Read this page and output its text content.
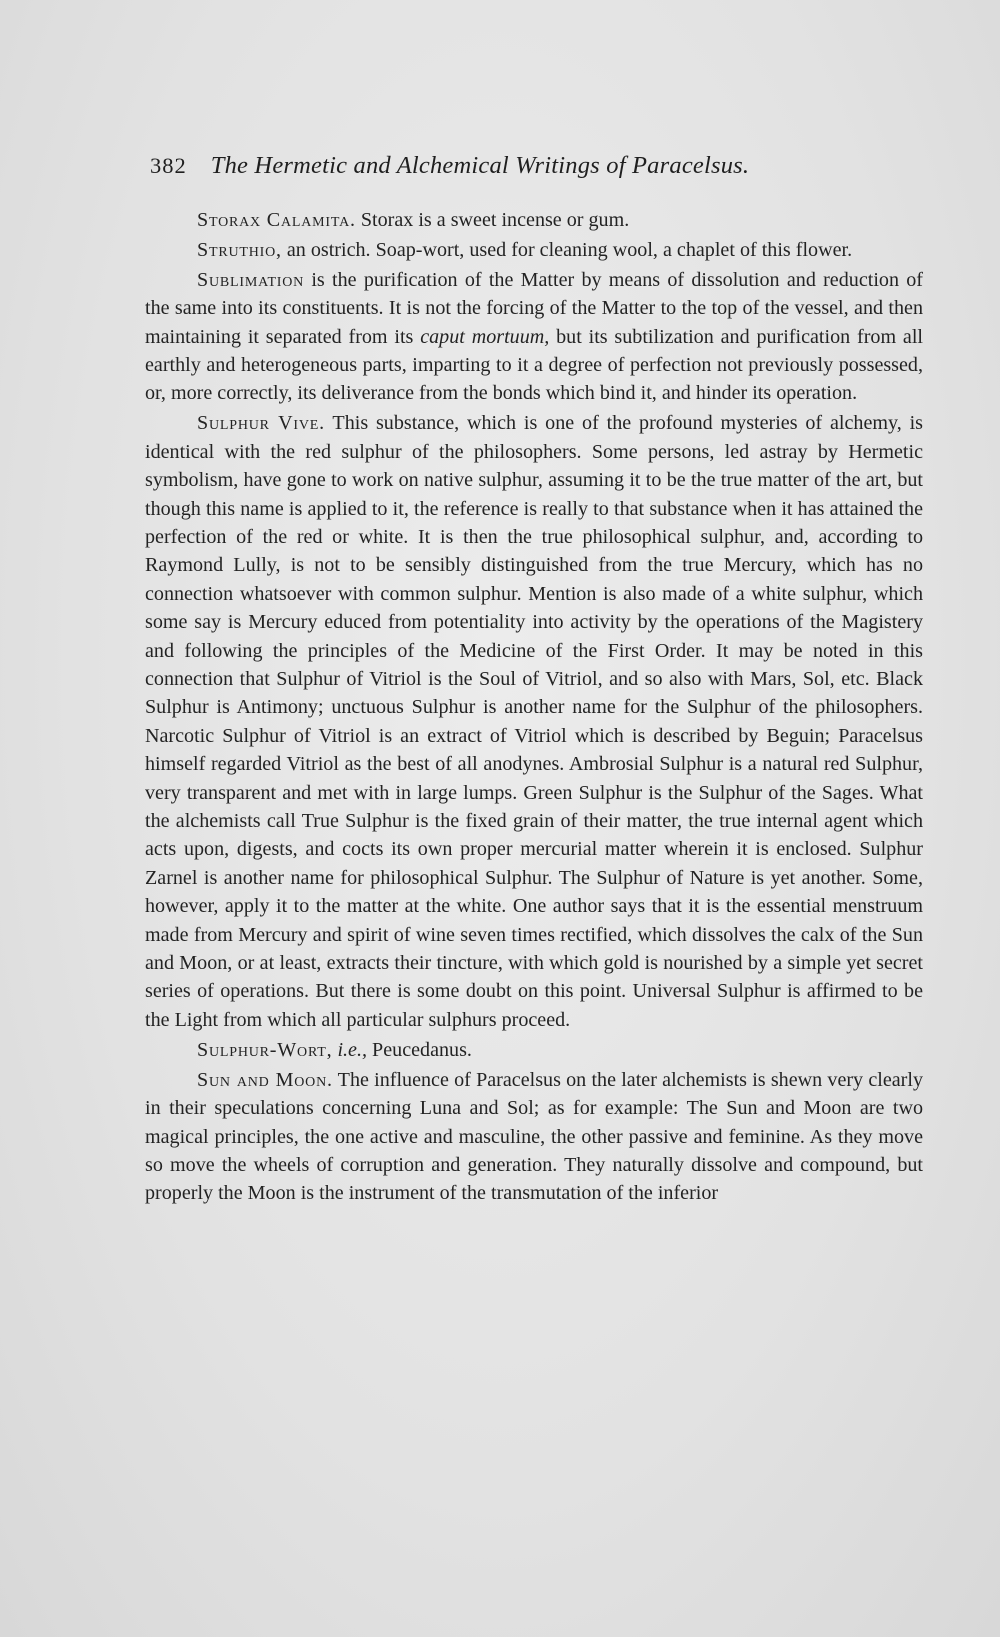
382 The Hermetic and Alchemical Writings of Paracelsus.

Storax Calamita. Storax is a sweet incense or gum.

Struthio, an ostrich. Soap-wort, used for cleaning wool, a chaplet of this flower.

Sublimation is the purification of the Matter by means of dissolution and reduction of the same into its constituents. It is not the forcing of the Matter to the top of the vessel, and then maintaining it separated from its caput mortuum, but its subtilization and purification from all earthly and heterogeneous parts, imparting to it a degree of perfection not previously possessed, or, more correctly, its deliverance from the bonds which bind it, and hinder its operation.

Sulphur Vive. This substance, which is one of the profound mysteries of alchemy, is identical with the red sulphur of the philosophers. Some persons, led astray by Hermetic symbolism, have gone to work on native sulphur, assuming it to be the true matter of the art, but though this name is applied to it, the reference is really to that substance when it has attained the perfection of the red or white. It is then the true philosophical sulphur, and, according to Raymond Lully, is not to be sensibly distinguished from the true Mercury, which has no connection whatsoever with common sulphur. Mention is also made of a white sulphur, which some say is Mercury educed from potentiality into activity by the operations of the Magistery and following the principles of the Medicine of the First Order. It may be noted in this connection that Sulphur of Vitriol is the Soul of Vitriol, and so also with Mars, Sol, etc. Black Sulphur is Antimony; unctuous Sulphur is another name for the Sulphur of the philosophers. Narcotic Sulphur of Vitriol is an extract of Vitriol which is described by Beguin; Paracelsus himself regarded Vitriol as the best of all anodynes. Ambrosial Sulphur is a natural red Sulphur, very transparent and met with in large lumps. Green Sulphur is the Sulphur of the Sages. What the alchemists call True Sulphur is the fixed grain of their matter, the true internal agent which acts upon, digests, and cocts its own proper mercurial matter wherein it is enclosed. Sulphur Zarnel is another name for philosophical Sulphur. The Sulphur of Nature is yet another. Some, however, apply it to the matter at the white. One author says that it is the essential menstruum made from Mercury and spirit of wine seven times rectified, which dissolves the calx of the Sun and Moon, or at least, extracts their tincture, with which gold is nourished by a simple yet secret series of operations. But there is some doubt on this point. Universal Sulphur is affirmed to be the Light from which all particular sulphurs proceed.

Sulphur-Wort, i.e., Peucedanus.

Sun and Moon. The influence of Paracelsus on the later alchemists is shewn very clearly in their speculations concerning Luna and Sol; as for example: The Sun and Moon are two magical principles, the one active and masculine, the other passive and feminine. As they move so move the wheels of corruption and generation. They naturally dissolve and compound, but properly the Moon is the instrument of the transmutation of the inferior
